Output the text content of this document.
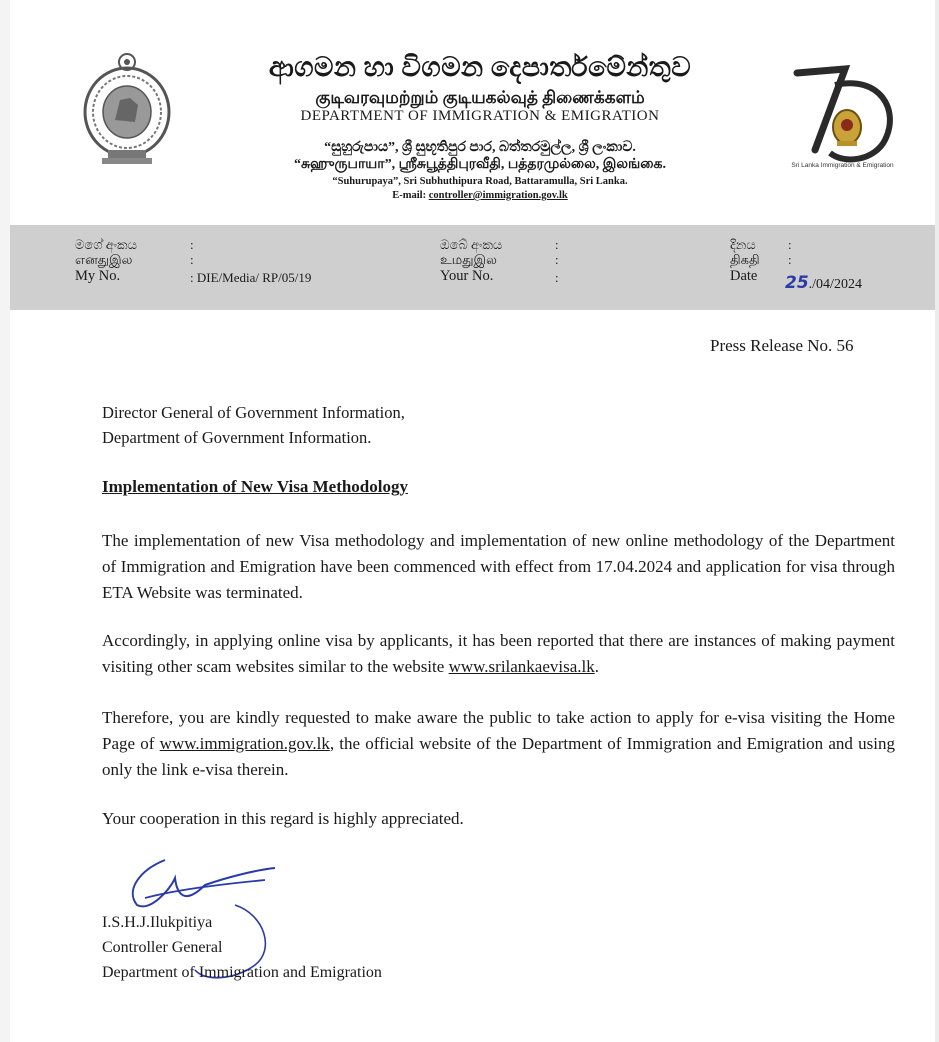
ආගමන හා විගමන දෙපාර්තමේන්තුව
குடிவரவுமற்றும் குடியகல்வுத் திணைக்களம்
DEPARTMENT OF IMMIGRATION & EMIGRATION
“සුහුරුපාය”, ශ්‍රී සුභූතිපුර පාර, බත්තරමුල්ල, ශ්‍රී ලංකාව.
“சுஹுருபாயா”, ஸ்ரீசுபூத்திபுரவீதி, பத்தரமுல்லை, இலங்கை.
“Suhurupaya”, Sri Subhuthipura Road, Battaramulla, Sri Lanka.
E-mail: controller@immigration.gov.lk
Sri Lanka Immigration & Emigration
මගේ අංකය
எனதுஇல
My No.
:
:
: DIE/Media/ RP/05/19
ඔබේ අංකය
உமதுஇல
Your No.
:
:
:
දිනය
திகதி
Date
:
:
25./04/2024
Press Release No. 56
Director General of Government Information,
Department of Government Information.
Implementation of New Visa Methodology
The implementation of new Visa methodology and implementation of new online methodology of the Department of Immigration and Emigration have been commenced with effect from 17.04.2024 and application for visa through ETA Website was terminated.
Accordingly, in applying online visa by applicants, it has been reported that there are instances of making payment visiting other scam websites similar to the website www.srilankaevisa.lk.
Therefore, you are kindly requested to make aware the public to take action to apply for e-visa visiting the Home Page of www.immigration.gov.lk, the official website of the Department of Immigration and Emigration and using only the link e-visa therein.
Your cooperation in this regard is highly appreciated.
I.S.H.J.Ilukpitiya
Controller General
Department of Immigration and Emigration
